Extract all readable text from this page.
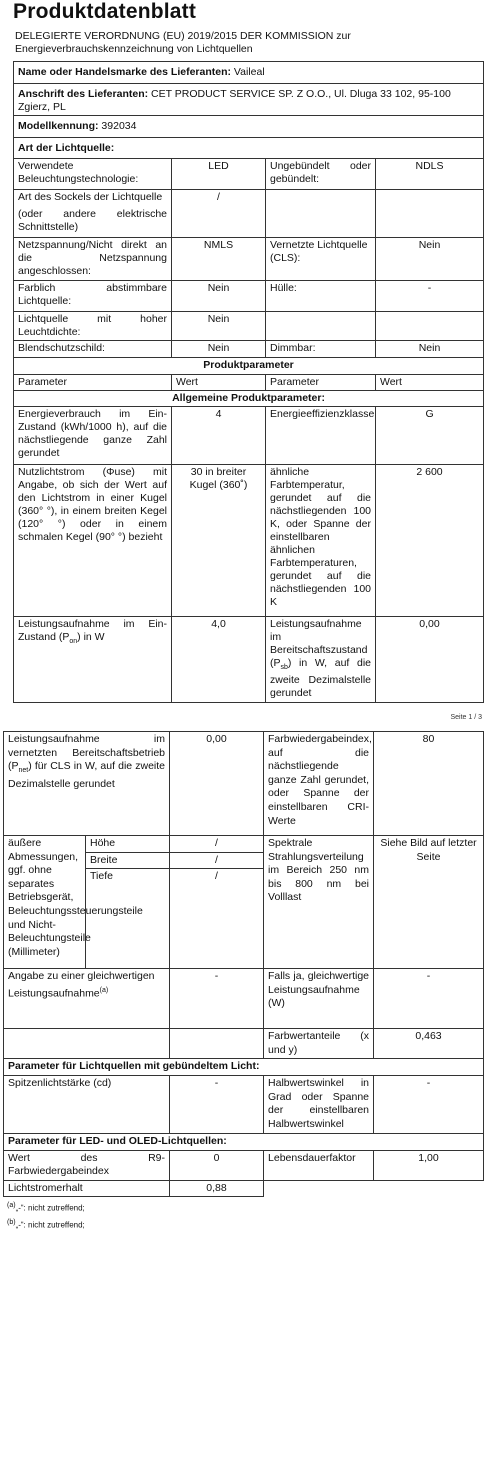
Produktdatenblatt
DELEGIERTE VERORDNUNG (EU) 2019/2015 DER KOMMISSION zur
Energieverbrauchskennzeichnung von Lichtquellen
Name oder Handelsmarke des Lieferanten: Vaileal			
Anschrift des Lieferanten: CET PRODUCT SERVICE SP. Z O.O., Ul. Dluga 33 102, 95-100 Zgierz, PL			
Modellkennung: 392034			
Art der Lichtquelle:			
Verwendete Beleuchtungstechnologie:	LED	Ungebündelt oder gebündelt:	NDLS

Art des Sockels der Lichtquelle
(oder andere elektrische Schnittstelle)	/		
Netzspannung/Nicht direkt an die Netzspannung angeschlossen:	NMLS	Vernetzte Lichtquelle (CLS):	Nein
Farblich abstimmbare Lichtquelle:	Nein	Hülle:	-
Lichtquelle mit hoher Leuchtdichte:	Nein		
Blendschutzschild:	Nein	Dimmbar:	Nein
Produktparameter			
Parameter	Wert	Parameter	Wert
Allgemeine Produktparameter:			
Energieverbrauch im Ein-Zustand (kWh/1000 h), auf die nächstliegende ganze Zahl gerundet	4	Energieeffizienzklasse	G
Nutzlichtstrom (Φuse) mit Angabe, ob sich der Wert auf den Lichtstrom in einer Kugel (360° °), in einem breiten Kegel (120° °) oder in einem schmalen Kegel (90° °) bezieht	30 in breiter Kugel (360˚)	ähnliche Farbtemperatur, gerundet auf die nächstliegenden 100 K, oder Spanne der einstellbaren ähnlichen Farbtemperaturen, gerundet auf die nächstliegenden 100 K	2 600
Leistungsaufnahme im Ein-Zustand $(P_{on})$ in W	4,0	Leistungsaufnahme im Bereitschaftszustand $(P_{sb})$ in W, auf die zweite Dezimalstelle gerundet	0,00
Seite 1 / 3
Leistungsaufnahme im vernetzten Bereitschaftsbetrieb $(P_{net})$ für CLS in W, auf die zweite Dezimalstelle gerundet		0,00	Farbwiedergabeindex, auf die nächstliegende ganze Zahl gerundet, oder Spanne der einstellbaren CRI-Werte	80
äußere Abmessungen, ggf. ohne separates Betriebsgerät, Beleuchtungssteuerungsteile und Nicht-Beleuchtungsteile (Millimeter)	Höhe	/	Spektrale Strahlungsverteilung im Bereich 250 nm bis 800 nm bei Volllast	Siehe Bild auf letzter Seite
	Breite	/		
	Tiefe	/		
Angabe zu einer gleichwertigen Leistungsaufnahme$^{(a)}$		-	Falls ja, gleichwertige Leistungsaufnahme (W)	-
			Farbwertanteile (x und y)	0,463
Parameter für Lichtquellen mit gebündeltem Licht:				
Spitzenlichtstärke (cd)		-	Halbwertswinkel in Grad oder Spanne der einstellbaren Halbwertswinkel	-
Parameter für LED- und OLED-Lichtquellen:				
Wert des R9-Farbwiedergabeindex		0	Lebensdauerfaktor	1,00
Lichtstromerhalt		0,88		
$^{(a)}$„-“: nicht zutreffend;
$^{(b)}$„-“: nicht zutreffend;
